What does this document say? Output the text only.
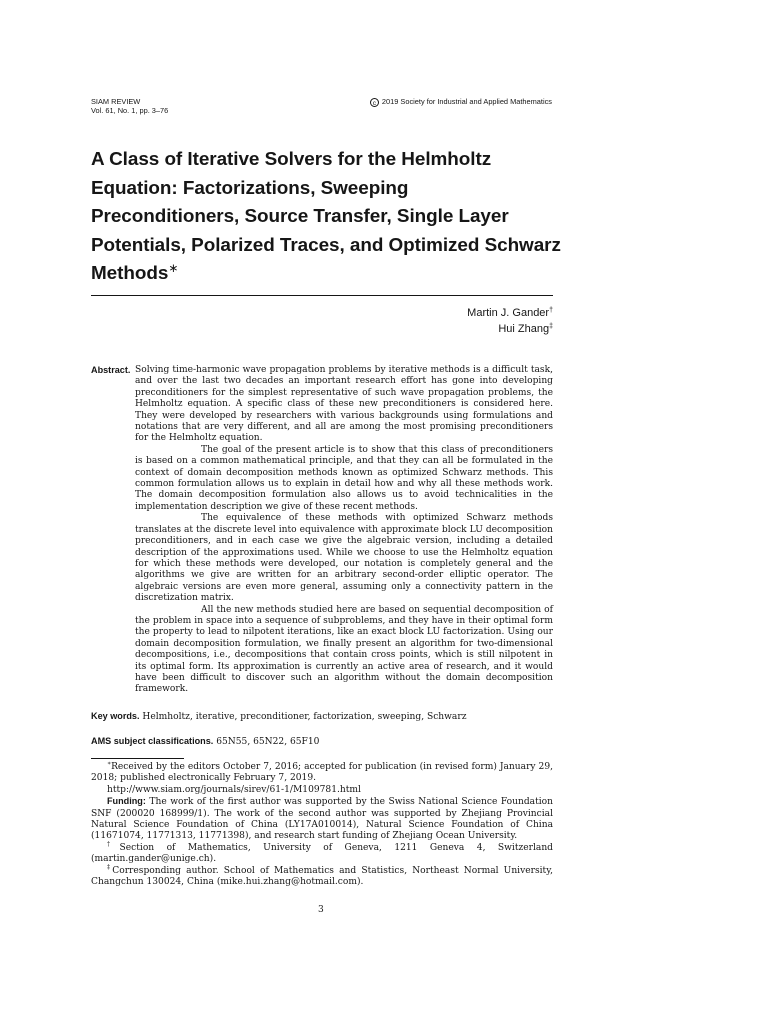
SIAM REVIEW
Vol. 61, No. 1, pp. 3–76
c 2019 Society for Industrial and Applied Mathematics
A Class of Iterative Solvers for the Helmholtz Equation: Factorizations, Sweeping Preconditioners, Source Transfer, Single Layer Potentials, Polarized Traces, and Optimized Schwarz Methods∗
Martin J. Gander†
Hui Zhang‡
Abstract. Solving time-harmonic wave propagation problems by iterative methods is a difficult task, and over the last two decades an important research effort has gone into developing preconditioners for the simplest representative of such wave propagation problems, the Helmholtz equation. A specific class of these new preconditioners is considered here. They were developed by researchers with various backgrounds using formulations and notations that are very different, and all are among the most promising preconditioners for the Helmholtz equation.

The goal of the present article is to show that this class of preconditioners is based on a common mathematical principle, and that they can all be formulated in the context of domain decomposition methods known as optimized Schwarz methods. This common formulation allows us to explain in detail how and why all these methods work. The domain decomposition formulation also allows us to avoid technicalities in the implementation description we give of these recent methods.

The equivalence of these methods with optimized Schwarz methods translates at the discrete level into equivalence with approximate block LU decomposition preconditioners, and in each case we give the algebraic version, including a detailed description of the approximations used. While we choose to use the Helmholtz equation for which these methods were developed, our notation is completely general and the algorithms we give are written for an arbitrary second-order elliptic operator. The algebraic versions are even more general, assuming only a connectivity pattern in the discretization matrix.

All the new methods studied here are based on sequential decomposition of the problem in space into a sequence of subproblems, and they have in their optimal form the property to lead to nilpotent iterations, like an exact block LU factorization. Using our domain decomposition formulation, we finally present an algorithm for two-dimensional decompositions, i.e., decompositions that contain cross points, which is still nilpotent in its optimal form. Its approximation is currently an active area of research, and it would have been difficult to discover such an algorithm without the domain decomposition framework.

Key words. Helmholtz, iterative, preconditioner, factorization, sweeping, Schwarz
AMS subject classifications. 65N55, 65N22, 65F10

∗Received by the editors October 7, 2016; accepted for publication (in revised form) January 29, 2018; published electronically February 7, 2019.

http://www.siam.org/journals/sirev/61-1/M109781.html

Funding: The work of the first author was supported by the Swiss National Science Foundation SNF (200020 168999/1). The work of the second author was supported by Zhejiang Provincial Natural Science Foundation of China (LY17A010014), Natural Science Foundation of China (11671074, 11771313, 11771398), and research start funding of Zhejiang Ocean University.

†Section of Mathematics, University of Geneva, 1211 Geneva 4, Switzerland (martin.gander@unige.ch).

‡Corresponding author. School of Mathematics and Statistics, Northeast Normal University, Changchun 130024, China (mike.hui.zhang@hotmail.com).

3
